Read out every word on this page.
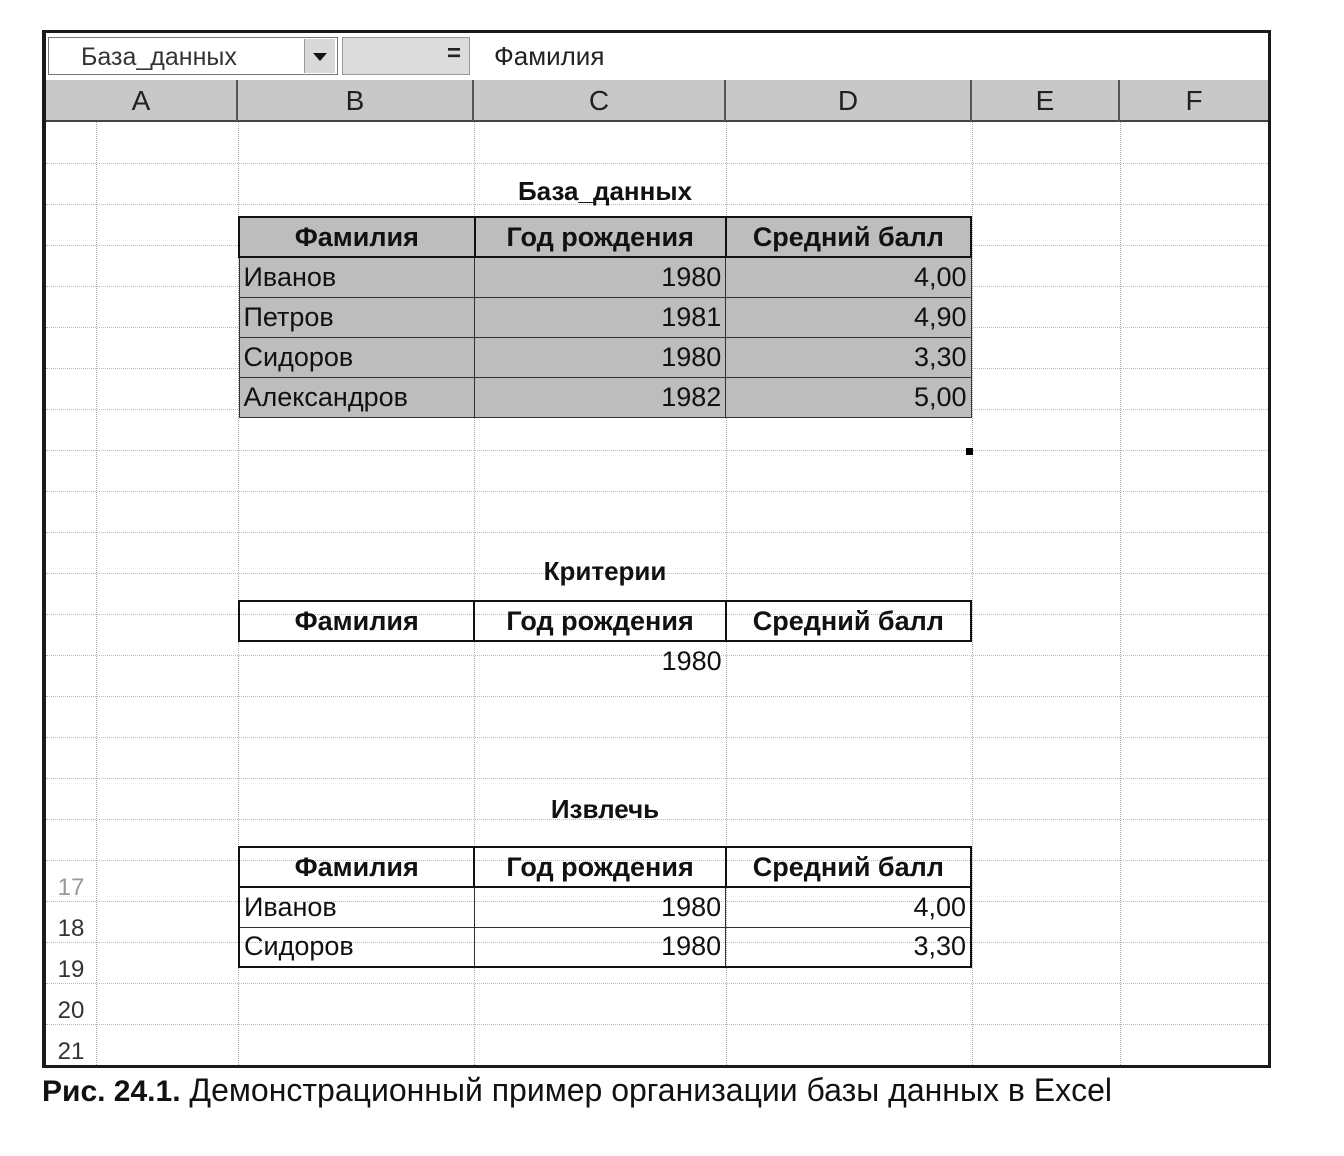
База_данных	=	Фамилия
A	B	C	D	E	F
17
18
19
20
21
База_данных
Фамилия	Год рождения	Средний балл
Иванов	1980	4,00
Петров	1981	4,90
Сидоров	1980	3,30
Александров	1982	5,00
Критерии
Фамилия	Год рождения	Средний балл
	1980	
Извлечь
Фамилия	Год рождения	Средний балл
Иванов	1980	4,00
Сидоров	1980	3,30
Рис. 24.1. Демонстрационный пример организации базы данных в Excel
